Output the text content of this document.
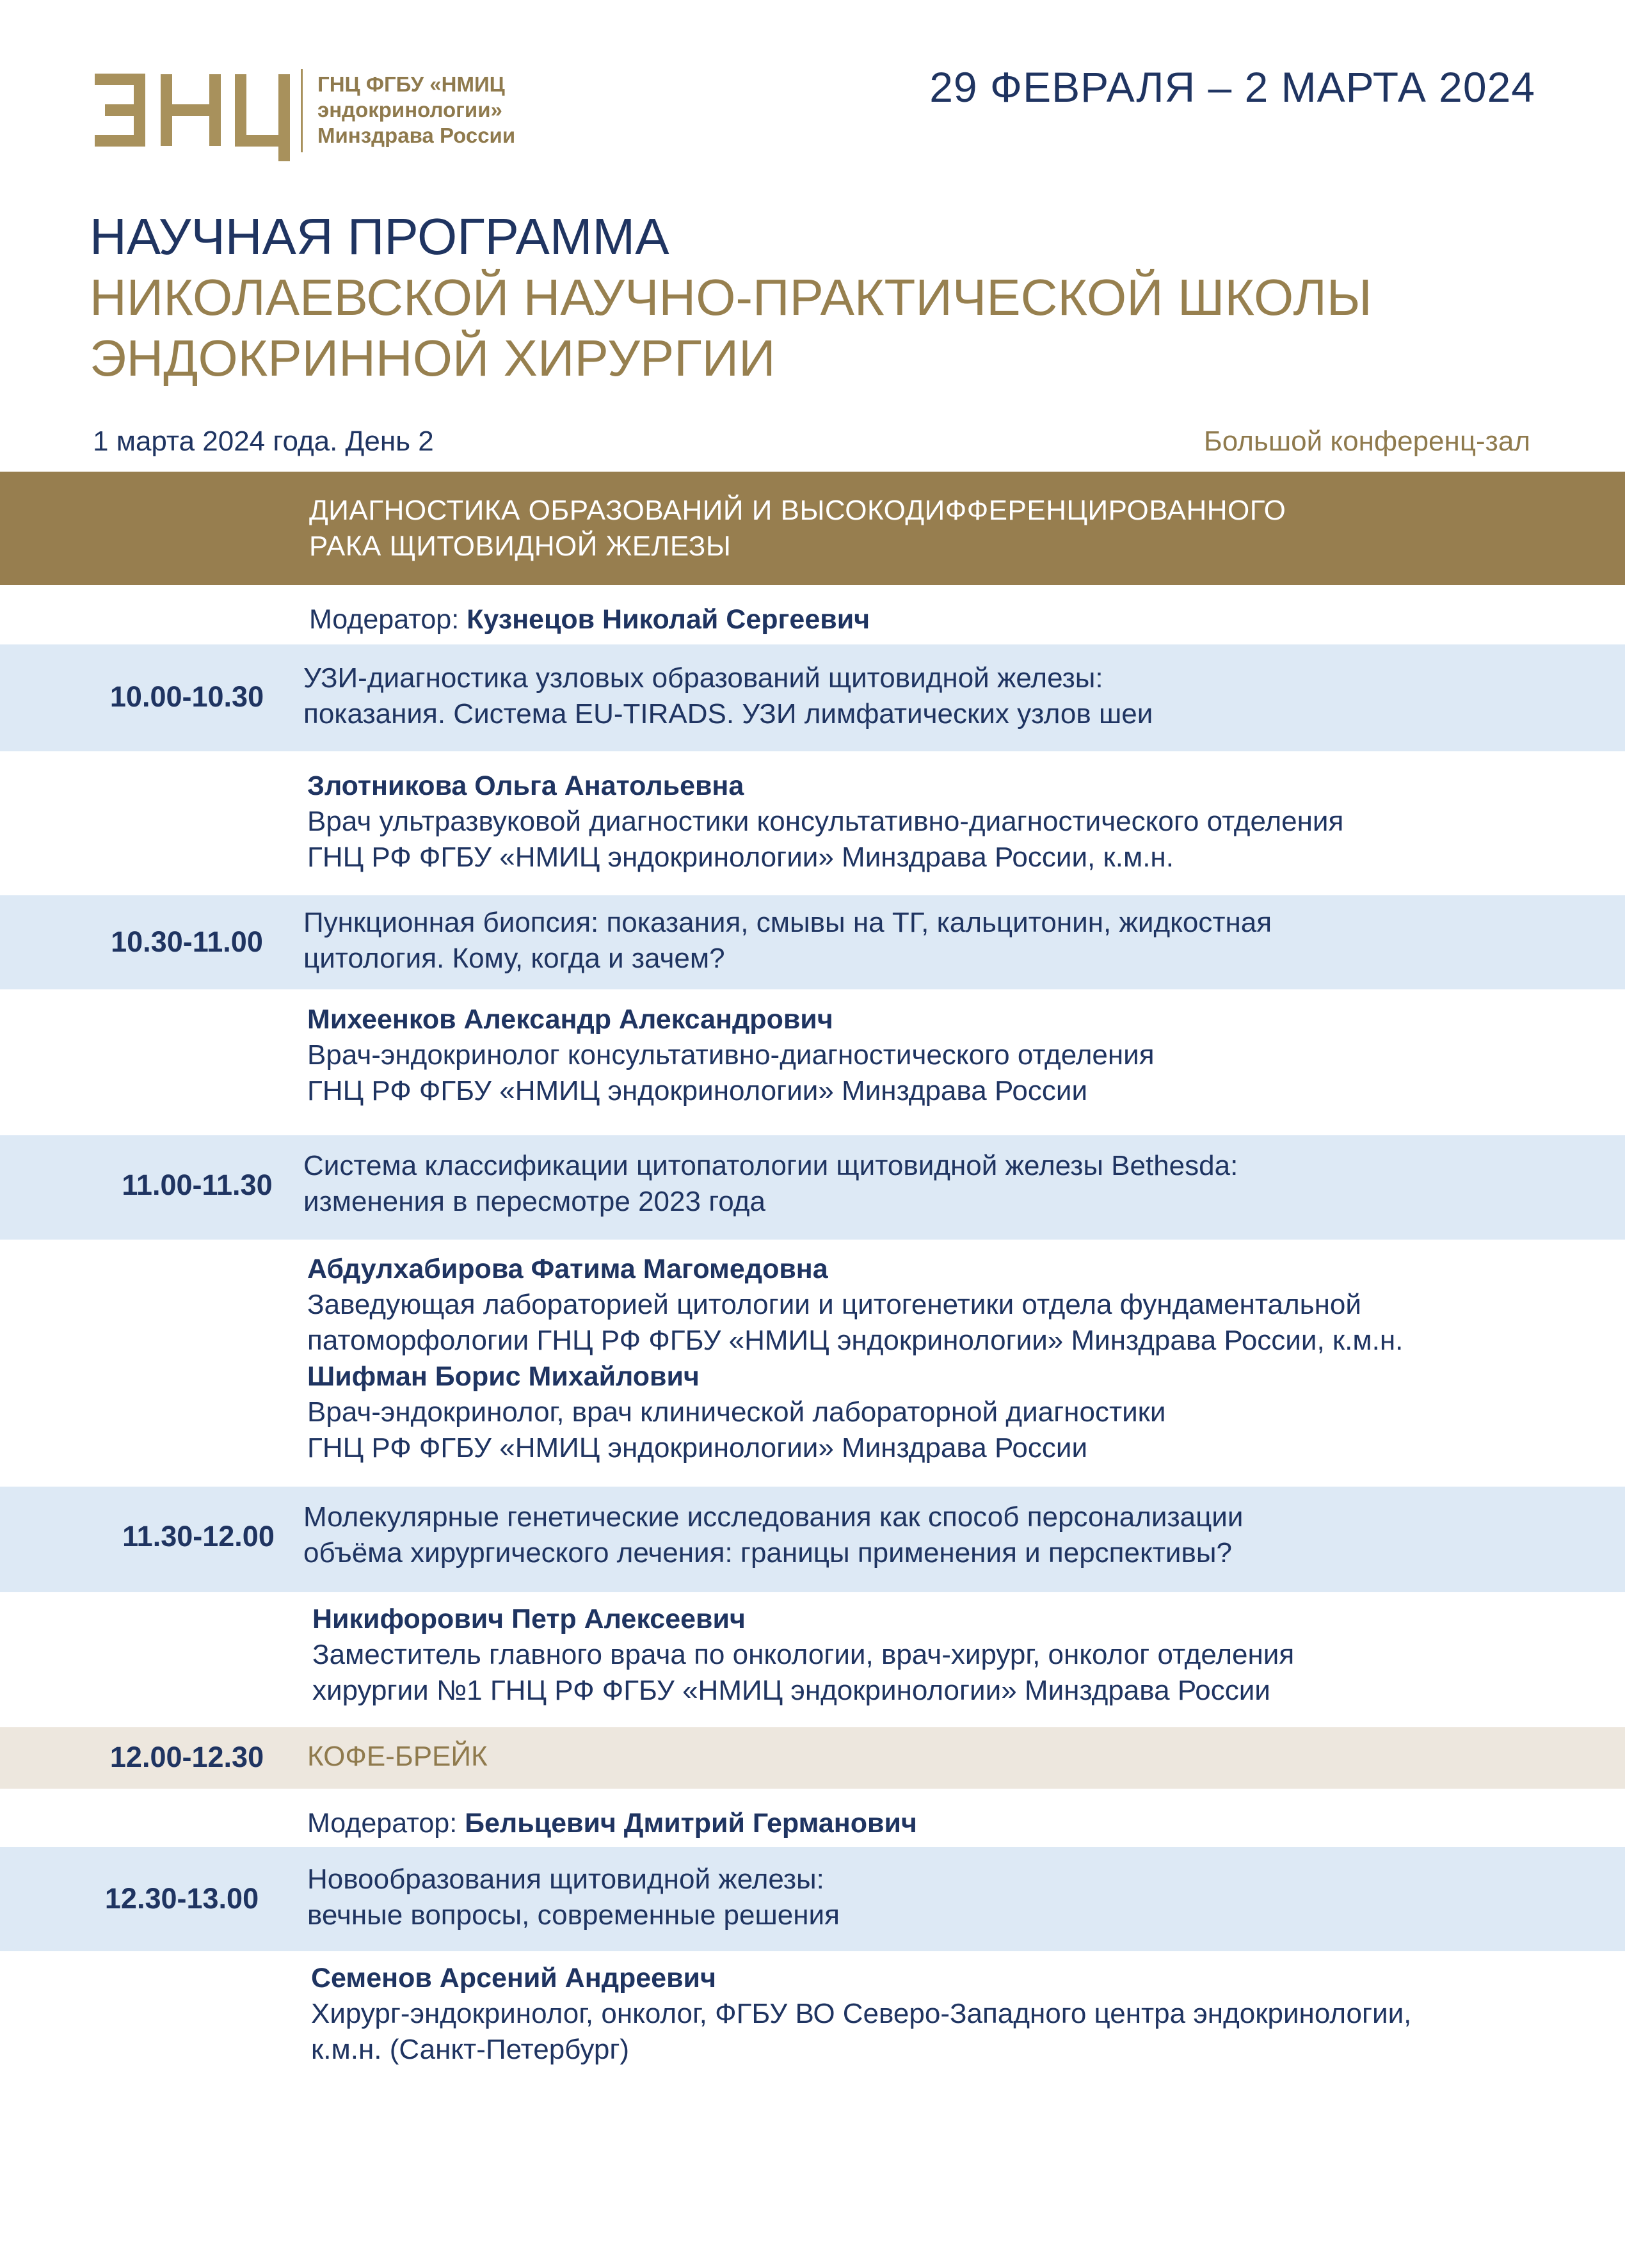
ГНЦ ФГБУ «НМИЦ
эндокринологии»
Минздрава России
29 ФЕВРАЛЯ – 2 МАРТА 2024
НАУЧНАЯ ПРОГРАММА
НИКОЛАЕВСКОЙ НАУЧНО-ПРАКТИЧЕСКОЙ ШКОЛЫ
ЭНДОКРИННОЙ ХИРУРГИИ
1 марта 2024 года. День 2	Большой конференц-зал
ДИАГНОСТИКА ОБРАЗОВАНИЙ И ВЫСОКОДИФФЕРЕНЦИРОВАННОГО
РАКА ЩИТОВИДНОЙ ЖЕЛЕЗЫ
Модератор: Кузнецов Николай Сергеевич
10.00-10.30
УЗИ-диагностика узловых образований щитовидной железы:
показания. Система EU-TIRADS. УЗИ лимфатических узлов шеи
Злотникова Ольга Анатольевна
Врач ультразвуковой диагностики консультативно-диагностического отделения
ГНЦ РФ ФГБУ «НМИЦ эндокринологии» Минздрава России, к.м.н.
10.30-11.00
Пункционная биопсия: показания, смывы на ТГ, кальцитонин, жидкостная
цитология. Кому, когда и зачем?
Михеенков Александр Александрович
Врач-эндокринолог консультативно-диагностического отделения
ГНЦ РФ ФГБУ «НМИЦ эндокринологии» Минздрава России
11.00-11.30
Система классификации цитопатологии щитовидной железы Bethesda:
изменения в пересмотре 2023 года
Абдулхабирова Фатима Магомедовна
Заведующая лабораторией цитологии и цитогенетики отдела фундаментальной
патоморфологии ГНЦ РФ ФГБУ «НМИЦ эндокринологии» Минздрава России, к.м.н.
Шифман Борис Михайлович
Врач-эндокринолог, врач клинической лабораторной диагностики
ГНЦ РФ ФГБУ «НМИЦ эндокринологии» Минздрава России
11.30-12.00
Молекулярные генетические исследования как способ персонализации
объёма хирургического лечения: границы применения и перспективы?
Никифорович Петр Алексеевич
Заместитель главного врача по онкологии, врач-хирург, онколог отделения
хирургии №1 ГНЦ РФ ФГБУ «НМИЦ эндокринологии» Минздрава России
12.00-12.30	КОФЕ-БРЕЙК
Модератор: Бельцевич Дмитрий Германович
12.30-13.00
Новообразования щитовидной железы:
вечные вопросы, современные решения
Семенов Арсений Андреевич
Хирург-эндокринолог, онколог, ФГБУ ВО Северо-Западного центра эндокринологии,
к.м.н. (Санкт-Петербург)
